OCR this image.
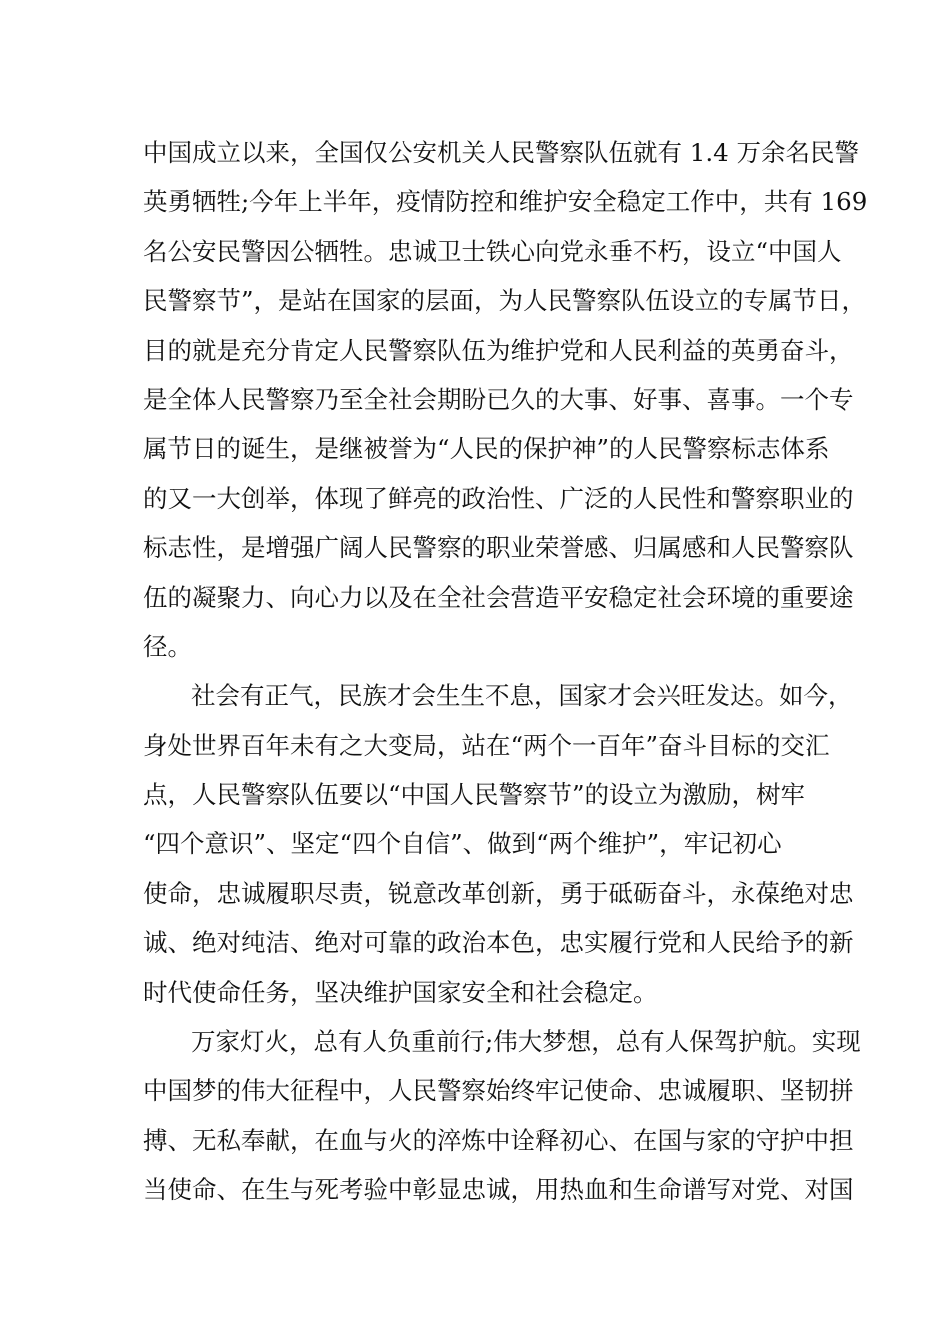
中国成立以来，全国仅公安机关人民警察队伍就有 1.4 万余名民警
英勇牺牲;今年上半年，疫情防控和维护安全稳定工作中，共有 169
名公安民警因公牺牲。忠诚卫士铁心向党永垂不朽，设立“中国人
民警察节”，是站在国家的层面，为人民警察队伍设立的专属节日，
目的就是充分肯定人民警察队伍为维护党和人民利益的英勇奋斗，
是全体人民警察乃至全社会期盼已久的大事、好事、喜事。一个专
属节日的诞生，是继被誉为“人民的保护神”的人民警察标志体系
的又一大创举，体现了鲜亮的政治性、广泛的人民性和警察职业的
标志性，是增强广阔人民警察的职业荣誉感、归属感和人民警察队
伍的凝聚力、向心力以及在全社会营造平安稳定社会环境的重要途
径。
社会有正气，民族才会生生不息，国家才会兴旺发达。如今，
身处世界百年未有之大变局，站在“两个一百年”奋斗目标的交汇
点，人民警察队伍要以“中国人民警察节”的设立为激励，树牢
“四个意识”、坚定“四个自信”、做到“两个维护”，牢记初心
使命，忠诚履职尽责，锐意改革创新，勇于砥砺奋斗，永葆绝对忠
诚、绝对纯洁、绝对可靠的政治本色，忠实履行党和人民给予的新
时代使命任务，坚决维护国家安全和社会稳定。
万家灯火，总有人负重前行;伟大梦想，总有人保驾护航。实现
中国梦的伟大征程中，人民警察始终牢记使命、忠诚履职、坚韧拼
搏、无私奉献，在血与火的淬炼中诠释初心、在国与家的守护中担
当使命、在生与死考验中彰显忠诚，用热血和生命谱写对党、对国
